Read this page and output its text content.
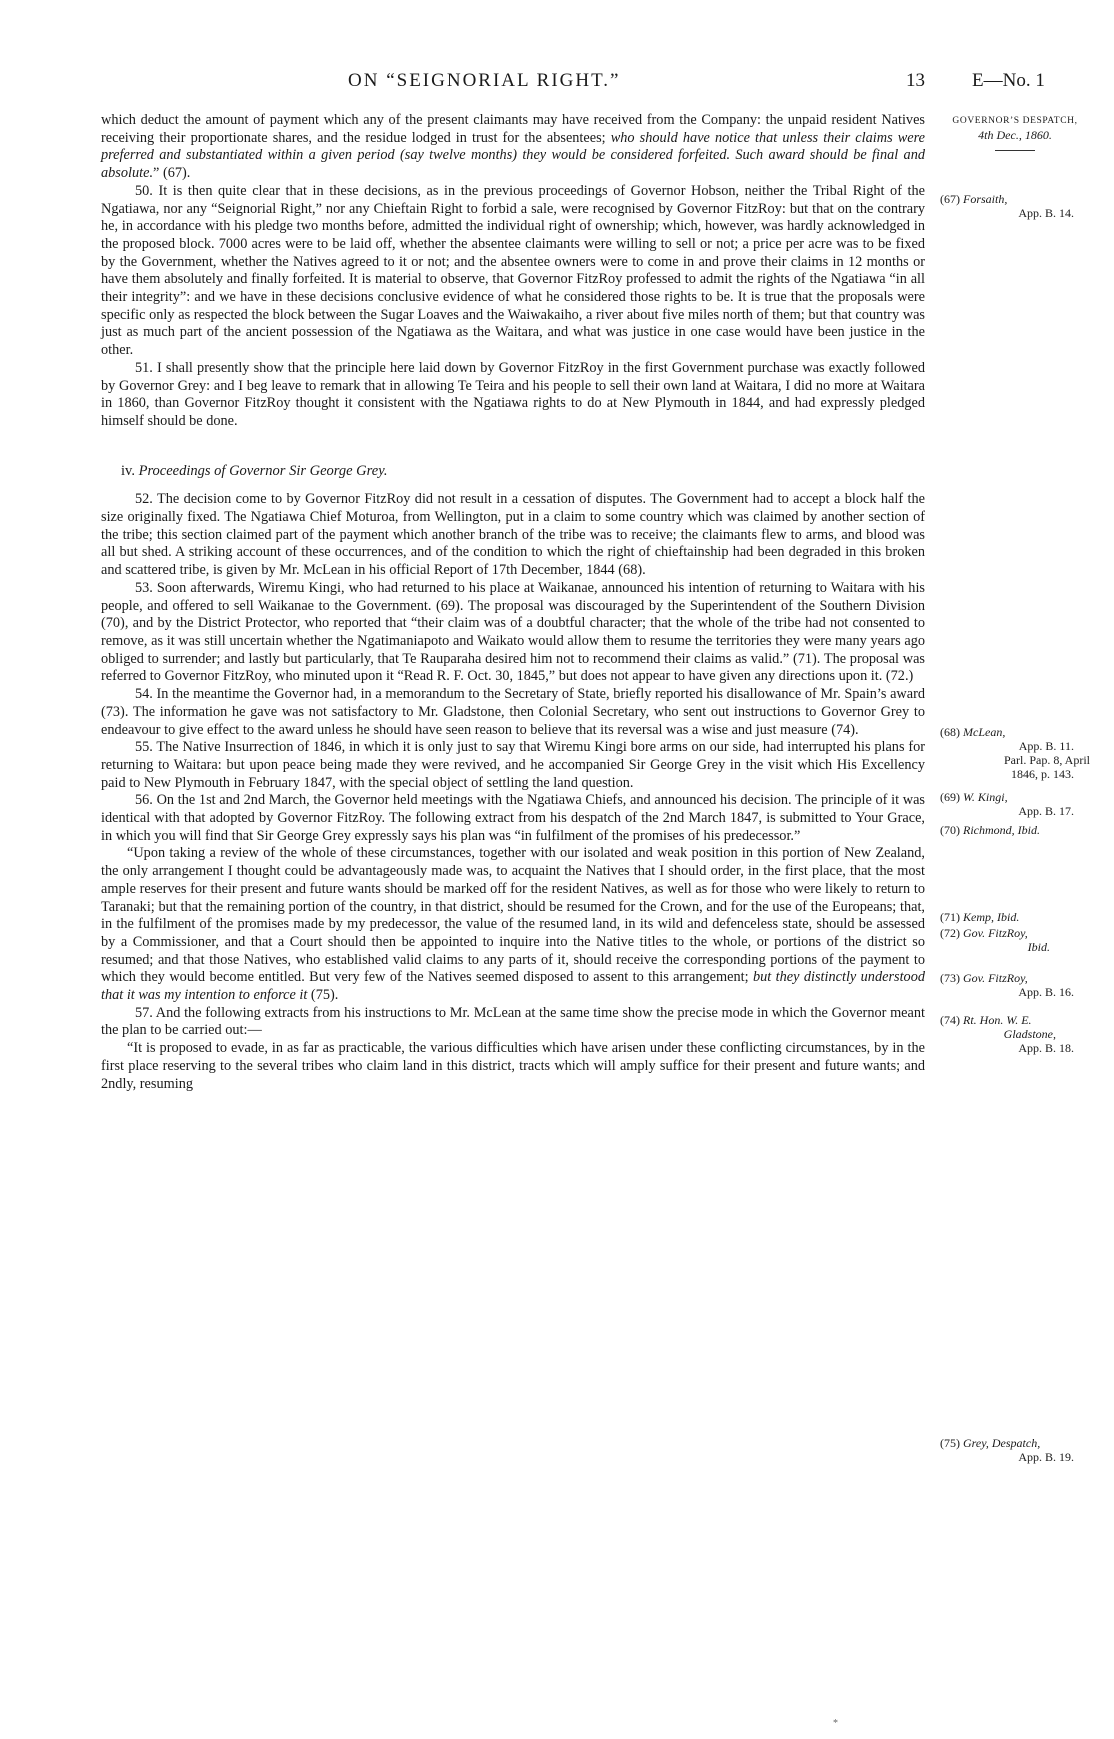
ON “SEIGNORIAL RIGHT.”	13 E—No. 1

which deduct the amount of payment which any of the present claimants may have received from the Company: the unpaid resident Natives receiving their proportionate shares, and the residue lodged in trust for the absentees; who should have notice that unless their claims were preferred and substantiated within a given period (say twelve months) they would be considered forfeited. Such award should be final and absolute.” (67).

50. It is then quite clear that in these decisions, as in the previous proceedings of Governor Hobson, neither the Tribal Right of the Ngatiawa, nor any “Seignorial Right,” nor any Chieftain Right to forbid a sale, were recognised by Governor FitzRoy: but that on the contrary he, in accordance with his pledge two months before, admitted the individual right of ownership; which, however, was hardly acknowledged in the proposed block. 7000 acres were to be laid off, whether the absentee claimants were willing to sell or not; a price per acre was to be fixed by the Government, whether the Natives agreed to it or not; and the absentee owners were to come in and prove their claims in 12 months or have them absolutely and finally forfeited. It is material to observe, that Governor FitzRoy professed to admit the rights of the Ngatiawa “in all their integrity”: and we have in these decisions conclusive evidence of what he considered those rights to be. It is true that the proposals were specific only as respected the block between the Sugar Loaves and the Waiwakaiho, a river about five miles north of them; but that country was just as much part of the ancient possession of the Ngatiawa as the Waitara, and what was justice in one case would have been justice in the other.

51. I shall presently show that the principle here laid down by Governor FitzRoy in the first Government purchase was exactly followed by Governor Grey: and I beg leave to remark that in allowing Te Teira and his people to sell their own land at Waitara, I did no more at Waitara in 1860, than Governor FitzRoy thought it consistent with the Ngatiawa rights to do at New Plymouth in 1844, and had expressly pledged himself should be done.

iv. Proceedings of Governor Sir George Grey.

52. The decision come to by Governor FitzRoy did not result in a cessation of disputes. The Government had to accept a block half the size originally fixed. The Ngatiawa Chief Moturoa, from Wellington, put in a claim to some country which was claimed by another section of the tribe; this section claimed part of the payment which another branch of the tribe was to receive; the claimants flew to arms, and blood was all but shed. A striking account of these occurrences, and of the condition to which the right of chieftainship had been degraded in this broken and scattered tribe, is given by Mr. McLean in his official Report of 17th December, 1844 (68).

53. Soon afterwards, Wiremu Kingi, who had returned to his place at Waikanae, announced his intention of returning to Waitara with his people, and offered to sell Waikanae to the Government. (69). The proposal was discouraged by the Superintendent of the Southern Division (70), and by the District Protector, who reported that “their claim was of a doubtful character; that the whole of the tribe had not consented to remove, as it was still uncertain whether the Ngatimaniapoto and Waikato would allow them to resume the territories they were many years ago obliged to surrender; and lastly but particularly, that Te Rauparaha desired him not to recommend their claims as valid.” (71). The proposal was referred to Governor FitzRoy, who minuted upon it “Read R. F. Oct. 30, 1845,” but does not appear to have given any directions upon it. (72.)

54. In the meantime the Governor had, in a memorandum to the Secretary of State, briefly reported his disallowance of Mr. Spain’s award (73). The information he gave was not satisfactory to Mr. Gladstone, then Colonial Secretary, who sent out instructions to Governor Grey to endeavour to give effect to the award unless he should have seen reason to believe that its reversal was a wise and just measure (74).

55. The Native Insurrection of 1846, in which it is only just to say that Wiremu Kingi bore arms on our side, had interrupted his plans for returning to Waitara: but upon peace being made they were revived, and he accompanied Sir George Grey in the visit which His Excellency paid to New Plymouth in February 1847, with the special object of settling the land question.

56. On the 1st and 2nd March, the Governor held meetings with the Ngatiawa Chiefs, and announced his decision. The principle of it was identical with that adopted by Governor FitzRoy. The following extract from his despatch of the 2nd March 1847, is submitted to Your Grace, in which you will find that Sir George Grey expressly says his plan was “in fulfilment of the promises of his predecessor.”

“Upon taking a review of the whole of these circumstances, together with our isolated and weak position in this portion of New Zealand, the only arrangement I thought could be advantageously made was, to acquaint the Natives that I should order, in the first place, that the most ample reserves for their present and future wants should be marked off for the resident Natives, as well as for those who were likely to return to Taranaki; but that the remaining portion of the country, in that district, should be resumed for the Crown, and for the use of the Europeans; that, in the fulfilment of the promises made by my predecessor, the value of the resumed land, in its wild and defenceless state, should be assessed by a Commissioner, and that a Court should then be appointed to inquire into the Native titles to the whole, or portions of the district so resumed; and that those Natives, who established valid claims to any parts of it, should receive the corresponding portions of the payment to which they would become entitled. But very few of the Natives seemed disposed to assent to this arrangement; but they distinctly understood that it was my intention to enforce it (75).

57. And the following extracts from his instructions to Mr. McLean at the same time show the precise mode in which the Governor meant the plan to be carried out:—

“It is proposed to evade, in as far as practicable, the various difficulties which have arisen under these conflicting circumstances, by in the first place reserving to the several tribes who claim land in this district, tracts which will amply suffice for their present and future wants; and 2ndly, resuming

GOVERNOR’S DESPATCH,
4th Dec., 1860.
(67) Forsaith,
App. B. 14.
(68) McLean,
App. B. 11.
Parl. Pap. 8, April
1846, p. 143.
(69) W. Kingi,
App. B. 17.
(70) Richmond, Ibid.
(71) Kemp, Ibid.
(72) Gov. FitzRoy,
Ibid.
(73) Gov. FitzRoy,
App. B. 16.
(74) Rt. Hon. W. E.
Gladstone,
App. B. 18.
(75) Grey, Despatch,
App. B. 19.
*
